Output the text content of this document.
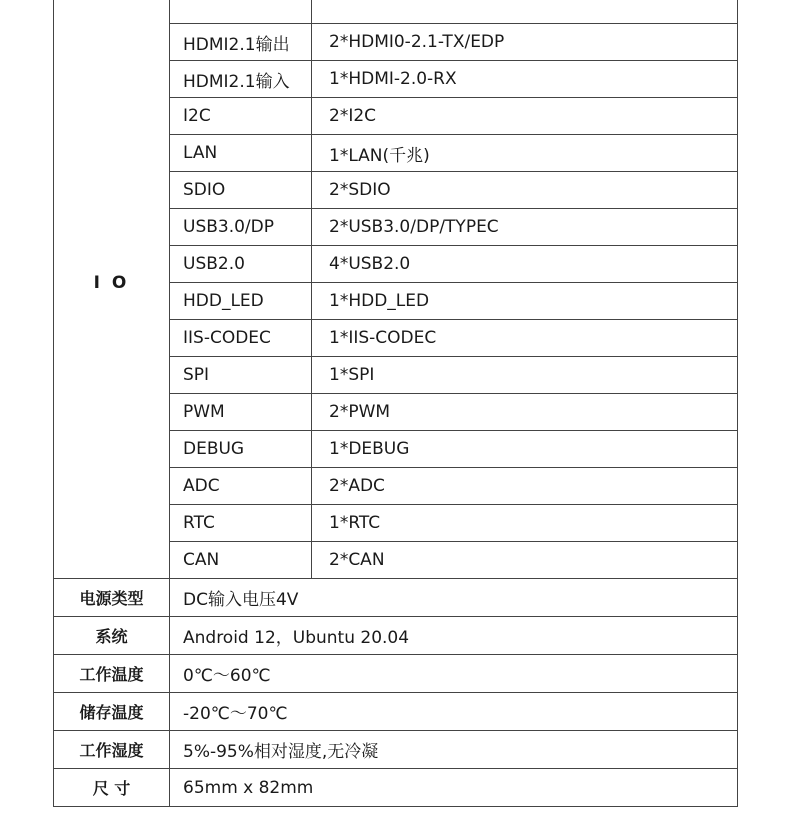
I O		
	HDMI2.1输出	2*HDMI0-2.1-TX/EDP
	HDMI2.1输入	1*HDMI-2.0-RX
	I2C	2*I2C
	LAN	1*LAN(千兆)
	SDIO	2*SDIO
	USB3.0/DP	2*USB3.0/DP/TYPEC
	USB2.0	4*USB2.0
	HDD_LED	1*HDD_LED
	IIS-CODEC	1*IIS-CODEC
	SPI	1*SPI
	PWM	2*PWM
	DEBUG	1*DEBUG
	ADC	2*ADC
	RTC	1*RTC
	CAN	2*CAN
电源类型	DC输入电压4V	
系统	Android 12，Ubuntu 20.04	
工作温度	0℃～60℃	
储存温度	-20℃～70℃	
工作湿度	5%-95%相对湿度,无冷凝	
尺 寸	65mm x 82mm	
